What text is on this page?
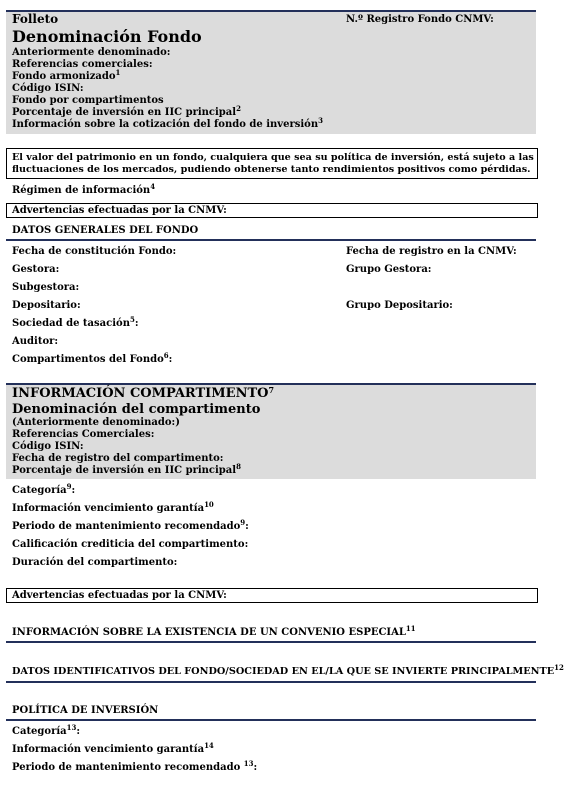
Folleto	N.º Registro Fondo CNMV:
Denominación Fondo
Anteriormente denominado:
Referencias comerciales:
Fondo armonizado$^1$
Código ISIN:
Fondo por compartimentos
Porcentaje de inversión en IIC principal$^2$
Información sobre la cotización del fondo de inversión$^3$
El valor del patrimonio en un fondo, cualquiera que sea su política de inversión, está sujeto a las
fluctuaciones de los mercados, pudiendo obtenerse tanto rendimientos positivos como pérdidas.
Régimen de información$^4$
Advertencias efectuadas por la CNMV:
DATOS GENERALES DEL FONDO
Fecha de constitución Fondo:
Gestora:
Subgestora:
Depositario:
Sociedad de tasación$^5$:
Auditor:
Compartimentos del Fondo$^6$:
Fecha de registro en la CNMV:
Grupo Gestora:
Grupo Depositario:
INFORMACIÓN COMPARTIMENTO$^7$
Denominación del compartimento
(Anteriormente denominado:)
Referencias Comerciales:
Código ISIN:
Fecha de registro del compartimento:
Porcentaje de inversión en IIC principal$^8$
Categoría$^9$:
Información vencimiento garantía$^{10}$
Periodo de mantenimiento recomendado$^9$:
Calificación crediticia del compartimento:
Duración del compartimento:
Advertencias efectuadas por la CNMV:
INFORMACIÓN SOBRE LA EXISTENCIA DE UN CONVENIO ESPECIAL$^{11}$
DATOS IDENTIFICATIVOS DEL FONDO/SOCIEDAD EN EL/LA QUE SE INVIERTE PRINCIPALMENTE$^{12}$
POLÍTICA DE INVERSIÓN
Categoría$^{13}$:
Información vencimiento garantía$^{14}$
Periodo de mantenimiento recomendado $^{13}$:
